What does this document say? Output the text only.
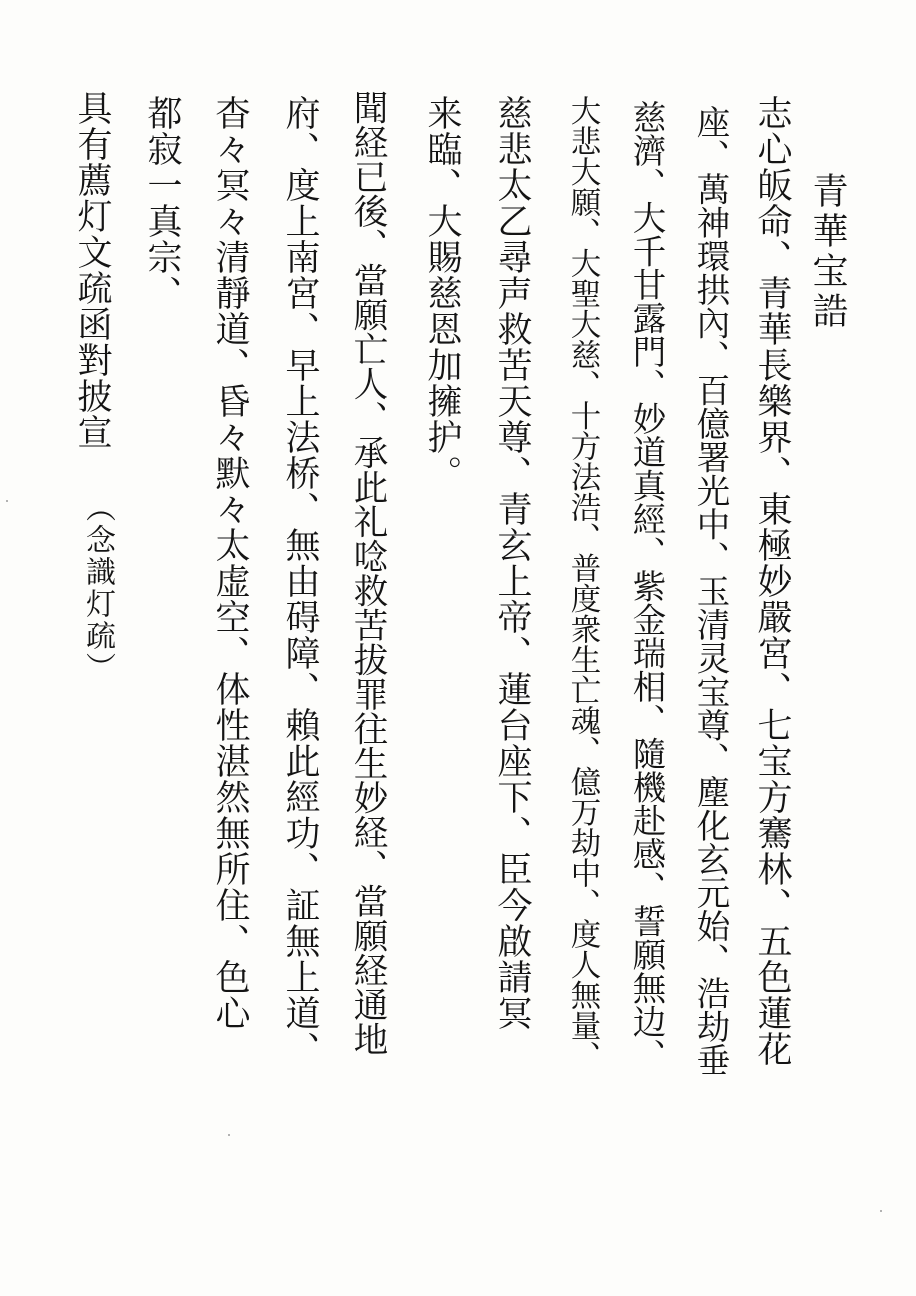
青華宝誥
志心皈命、青華長樂界、東極妙嚴宮、七宝方騫林、五色蓮花
座、萬神環拱內、百億署光中、玉清灵宝尊、塵化玄元始、浩劫垂
慈濟、大千甘露門、妙道真經、紫金瑞相、隨機赴感、誓願無边、
大悲大願、大聖大慈、十方法浩、普度衆生亡魂、億万劫中、度人無量、
慈悲太乙尋声救苦天尊、青玄上帝、蓮台座下、臣今啟請冥
来臨、大賜慈恩加擁护。
聞経已後、當願亡人、承此礼唸救苦拔罪往生妙経、當願経通地
府、度上南宮、早上法桥、無由碍障、賴此經功、証無上道、
杳々冥々清靜道、昏々默々太虚空、体性湛然無所住、色心
都寂一真宗、
具有薦灯文疏函對披宣
（念識灯疏）
